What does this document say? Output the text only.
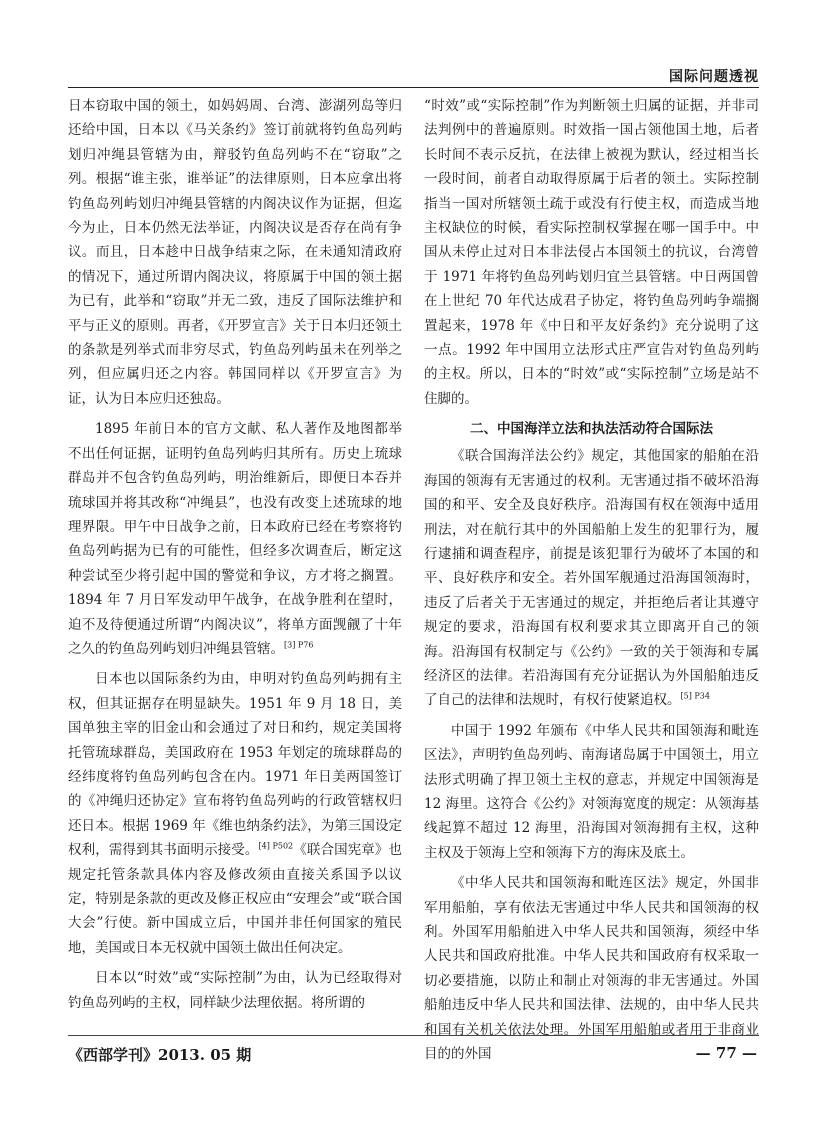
国际问题透视

日本窃取中国的领土，如妈妈周、台湾、澎湖列岛等归还给中国，日本以《马关条约》签订前就将钓鱼岛列屿划归冲绳县管辖为由，辩驳钓鱼岛列屿不在“窃取”之列。根据“谁主张，谁举证”的法律原则，日本应拿出将钓鱼岛列屿划归冲绳县管辖的内阁决议作为证据，但迄今为止，日本仍然无法举证，内阁决议是否存在尚有争议。而且，日本趁中日战争结束之际，在未通知清政府的情况下，通过所谓内阁决议，将原属于中国的领土据为已有，此举和“窃取”并无二致，违反了国际法维护和平与正义的原则。再者，《开罗宣言》关于日本归还领土的条款是列举式而非穷尽式，钓鱼岛列屿虽未在列举之列，但应属归还之内容。韩国同样以《开罗宣言》为证，认为日本应归还独岛。

1895 年前日本的官方文献、私人著作及地图都举不出任何证据，证明钓鱼岛列屿归其所有。历史上琉球群岛并不包含钓鱼岛列屿，明治维新后，即便日本吞并琉球国并将其改称“冲绳县”，也没有改变上述琉球的地理界限。甲午中日战争之前，日本政府已经在考察将钓鱼岛列屿据为已有的可能性，但经多次调查后，断定这种尝试至少将引起中国的警觉和争议，方才将之搁置。1894 年 7 月日军发动甲午战争，在战争胜利在望时，迫不及待便通过所谓“内阁决议”，将单方面觊觎了十年之久的钓鱼岛列屿划归冲绳县管辖。$^{[3] P76}$

日本也以国际条约为由，申明对钓鱼岛列屿拥有主权，但其证据存在明显缺失。1951 年 9 月 18 日，美国单独主宰的旧金山和会通过了对日和约，规定美国将托管琉球群岛，美国政府在 1953 年划定的琉球群岛的经纬度将钓鱼岛列屿包含在内。1971 年日美两国签订的《冲绳归还协定》宣布将钓鱼岛列屿的行政管辖权归还日本。根据 1969 年《维也纳条约法》，为第三国设定权利，需得到其书面明示接受。$^{[4] P502}$《联合国宪章》也规定托管条款具体内容及修改须由直接关系国予以议定，特别是条款的更改及修正权应由“安理会”或“联合国大会”行使。新中国成立后，中国并非任何国家的殖民地，美国或日本无权就中国领土做出任何决定。

日本以“时效”或“实际控制”为由，认为已经取得对钓鱼岛列屿的主权，同样缺少法理依据。将所谓的

“时效”或“实际控制”作为判断领土归属的证据，并非司法判例中的普遍原则。时效指一国占领他国土地，后者长时间不表示反抗，在法律上被视为默认，经过相当长一段时间，前者自动取得原属于后者的领土。实际控制指当一国对所辖领土疏于或没有行使主权，而造成当地主权缺位的时候，看实际控制权掌握在哪一国手中。中国从未停止过对日本非法侵占本国领土的抗议，台湾曾于 1971 年将钓鱼岛列屿划归宜兰县管辖。中日两国曾在上世纪 70 年代达成君子协定，将钓鱼岛列屿争端搁置起来，1978 年《中日和平友好条约》充分说明了这一点。1992 年中国用立法形式庄严宣告对钓鱼岛列屿的主权。所以，日本的“时效”或“实际控制”立场是站不住脚的。

二、中国海洋立法和执法活动符合国际法

《联合国海洋法公约》规定，其他国家的船舶在沿海国的领海有无害通过的权利。无害通过指不破坏沿海国的和平、安全及良好秩序。沿海国有权在领海中适用刑法，对在航行其中的外国船舶上发生的犯罪行为，履行逮捕和调查程序，前提是该犯罪行为破坏了本国的和平、良好秩序和安全。若外国军舰通过沿海国领海时，违反了后者关于无害通过的规定，并拒绝后者让其遵守规定的要求，沿海国有权利要求其立即离开自己的领海。沿海国有权制定与《公约》一致的关于领海和专属经济区的法律。若沿海国有充分证据认为外国船舶违反了自己的法律和法规时，有权行使紧追权。$^{[5] P34}$

中国于 1992 年颁布《中华人民共和国领海和毗连区法》，声明钓鱼岛列屿、南海诸岛属于中国领土，用立法形式明确了捍卫领土主权的意志，并规定中国领海是 12 海里。这符合《公约》对领海宽度的规定：从领海基线起算不超过 12 海里，沿海国对领海拥有主权，这种主权及于领海上空和领海下方的海床及底土。

《中华人民共和国领海和毗连区法》规定，外国非军用船舶，享有依法无害通过中华人民共和国领海的权利。外国军用船舶进入中华人民共和国领海，须经中华人民共和国政府批准。中华人民共和国政府有权采取一切必要措施，以防止和制止对领海的非无害通过。外国船舶违反中华人民共和国法律、法规的，由中华人民共和国有关机关依法处理。外国军用船舶或者用于非商业目的的外国

《西部学刊》2013. 05 期	— 77 —
